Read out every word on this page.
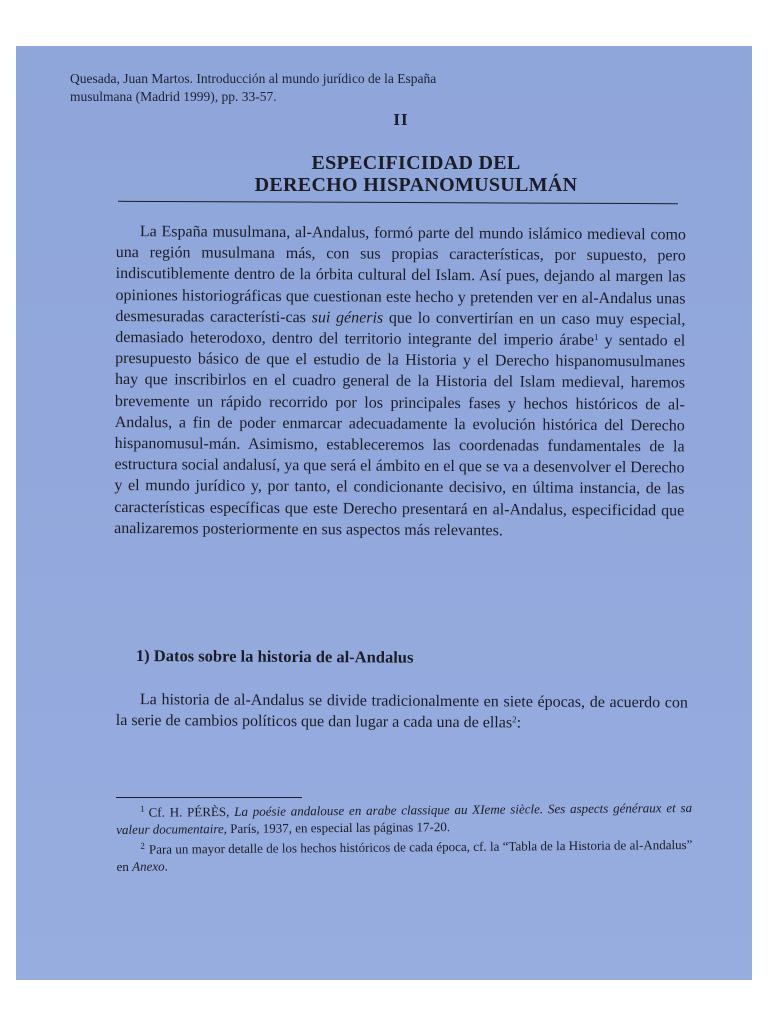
Quesada, Juan Martos. Introducción al mundo jurídico de la España
musulmana (Madrid 1999), pp. 33-57.
II
ESPECIFICIDAD DEL
DERECHO HISPANOMUSULMÁN

La España musulmana, al-Andalus, formó parte del mundo islámico medieval como una región musulmana más, con sus propias características, por supuesto, pero indiscutiblemente dentro de la órbita cultural del Islam. Así pues, dejando al margen las opiniones historiográficas que cuestionan este hecho y pretenden ver en al-Andalus unas desmesuradas característi-cas sui géneris que lo convertirían en un caso muy especial, demasiado heterodoxo, dentro del territorio integrante del imperio árabe$^1$ y sentado el presupuesto básico de que el estudio de la Historia y el Derecho hispanomusulmanes hay que inscribirlos en el cuadro general de la Historia del Islam medieval, haremos brevemente un rápido recorrido por los principales fases y hechos históricos de al-Andalus, a fin de poder enmarcar adecuadamente la evolución histórica del Derecho hispanomusul-mán. Asimismo, estableceremos las coordenadas fundamentales de la estructura social andalusí, ya que será el ámbito en el que se va a desenvolver el Derecho y el mundo jurídico y, por tanto, el condicionante decisivo, en última instancia, de las características específicas que este Derecho presentará en al-Andalus, especificidad que analizaremos posteriormente en sus aspectos más relevantes.

1) Datos sobre la historia de al-Andalus

La historia de al-Andalus se divide tradicionalmente en siete épocas, de acuerdo con la serie de cambios políticos que dan lugar a cada una de ellas$^2$:

$^1$ Cf. H. PÉRÈS, La poésie andalouse en arabe classique au XIeme siècle. Ses aspects généraux et sa valeur documentaire, París, 1937, en especial las páginas 17-20.

$^2$ Para un mayor detalle de los hechos históricos de cada época, cf. la “Tabla de la Historia de al-Andalus” en Anexo.
